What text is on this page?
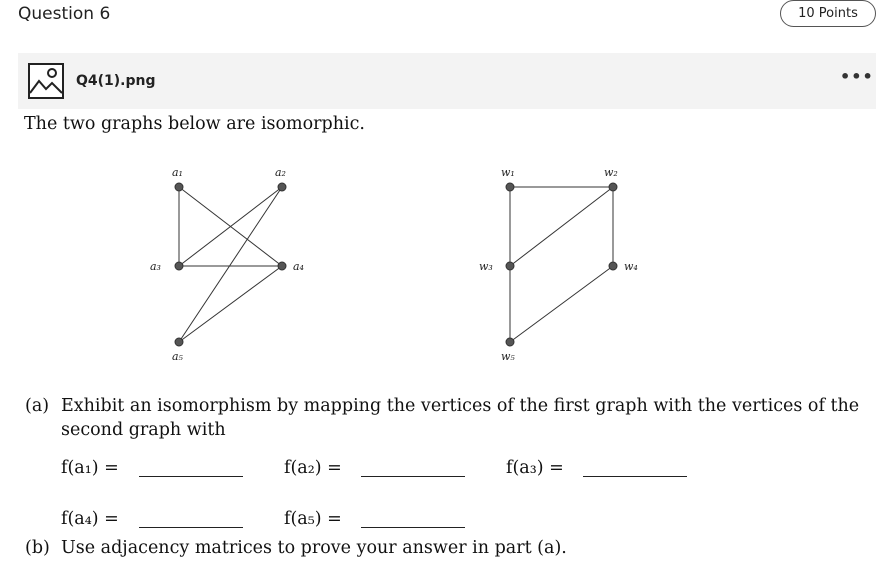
Question 6	10 Points
Q4(1).png	•••
The two graphs below are isomorphic.
a₁	a₂
a₃	a₄
a₅
w₁	w₂
w₃	w₄
w₅
(a) Exhibit an isomorphism by mapping the vertices of the first graph with the vertices of the
second graph with
f(a₁) =	f(a₂) =	f(a₃) =
f(a₄) =	f(a₅) =
(b) Use adjacency matrices to prove your answer in part (a).
